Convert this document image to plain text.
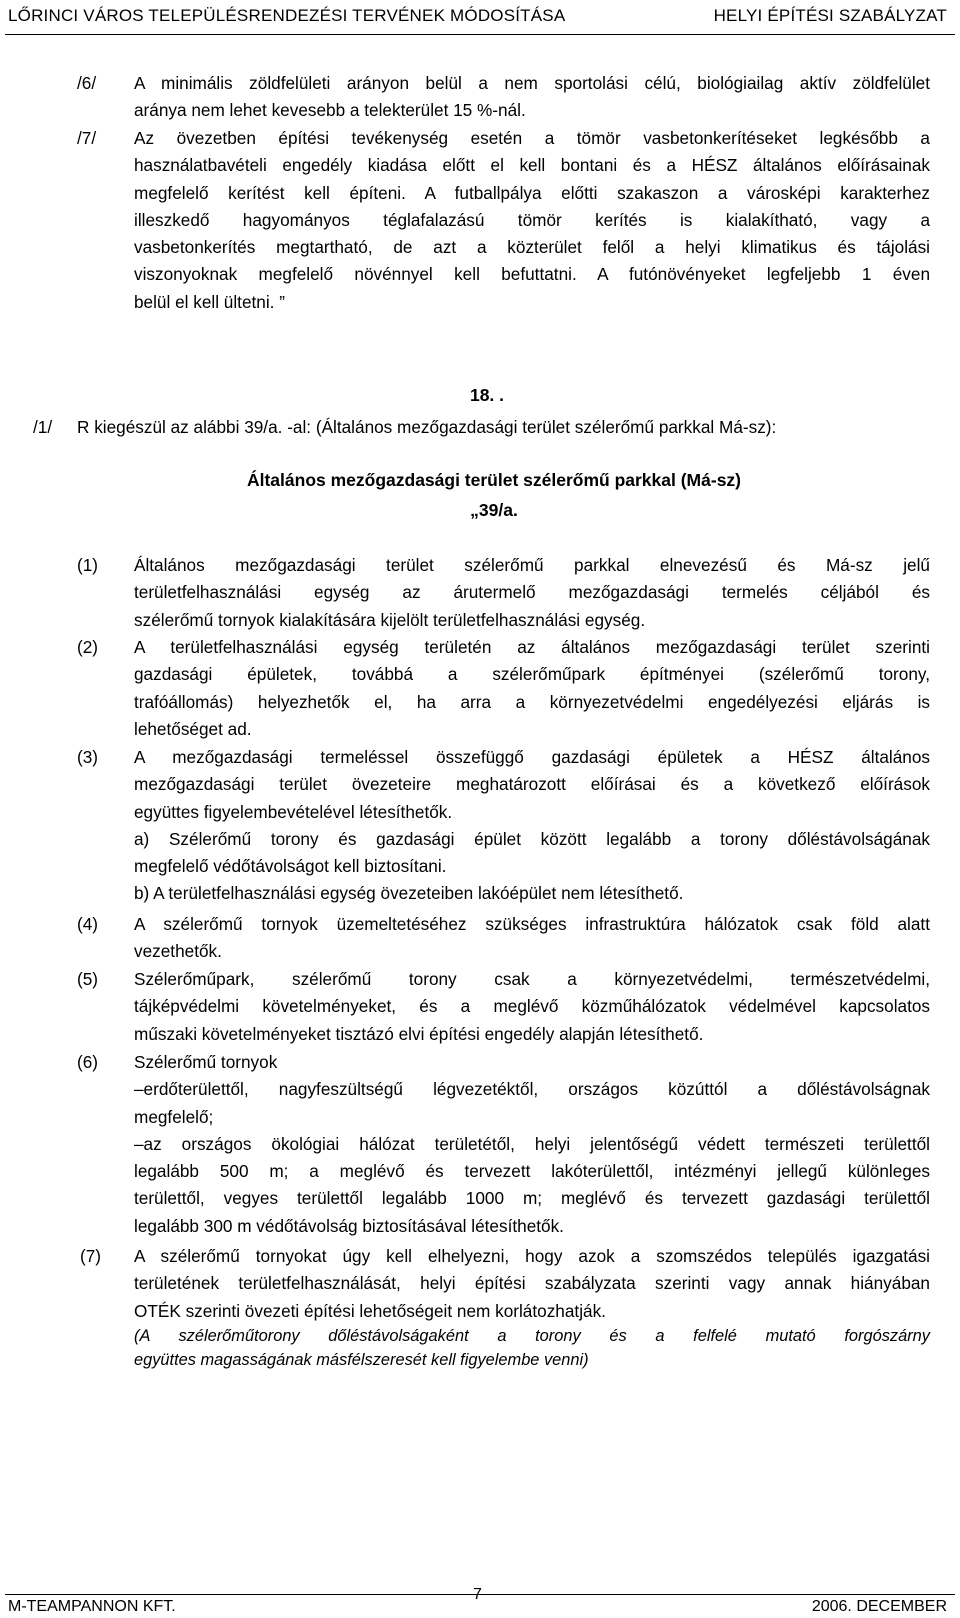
LŐRINCI VÁROS TELEPÜLÉSRENDEZÉSI TERVÉNEK MÓDOSÍTÁSA	HELYI ÉPÍTÉSI SZABÁLYZAT
/6/ A minimális zöldfelületi arányon belül a nem sportolási célú, biológiailag aktív zöldfelület
aránya nem lehet kevesebb a telekterület 15 %-nál.
/7/ Az övezetben építési tevékenység esetén a tömör vasbetonkerítéseket legkésőbb a
használatbavételi engedély kiadása előtt el kell bontani és a HÉSZ általános előírásainak
megfelelő kerítést kell építeni. A futballpálya előtti szakaszon a városképi karakterhez
illeszkedő hagyományos téglafalazású tömör kerítés is kialakítható, vagy a
vasbetonkerítés megtartható, de azt a közterület felől a helyi klimatikus és tájolási
viszonyoknak megfelelő növénnyel kell befuttatni. A futónövényeket legfeljebb 1 éven
belül el kell ültetni. ”
18. .
/1/ R kiegészül az alábbi 39/a. -al: (Általános mezőgazdasági terület szélerőmű parkkal Má-sz):
Általános mezőgazdasági terület szélerőmű parkkal (Má-sz)
„39/a.
(1) Általános mezőgazdasági terület szélerőmű parkkal elnevezésű és Má-sz jelű
területfelhasználási egység az árutermelő mezőgazdasági termelés céljából és
szélerőmű tornyok kialakítására kijelölt területfelhasználási egység.
(2) A területfelhasználási egység területén az általános mezőgazdasági terület szerinti
gazdasági épületek, továbbá a szélerőműpark építményei (szélerőmű torony,
trafóállomás) helyezhetők el, ha arra a környezetvédelmi engedélyezési eljárás is
lehetőséget ad.
(3) A mezőgazdasági termeléssel összefüggő gazdasági épületek a HÉSZ általános
mezőgazdasági terület övezeteire meghatározott előírásai és a következő előírások
együttes figyelembevételével létesíthetők.
a) Szélerőmű torony és gazdasági épület között legalább a torony dőléstávolságának
megfelelő védőtávolságot kell biztosítani.
b) A területfelhasználási egység övezeteiben lakóépület nem létesíthető.
(4) A szélerőmű tornyok üzemeltetéséhez szükséges infrastruktúra hálózatok csak föld alatt
vezethetők.
(5) Szélerőműpark, szélerőmű torony csak a környezetvédelmi, természetvédelmi,
tájképvédelmi követelményeket, és a meglévő közműhálózatok védelmével kapcsolatos
műszaki követelményeket tisztázó elvi építési engedély alapján létesíthető.
(6) Szélerőmű tornyok
–erdőterülettől, nagyfeszültségű légvezetéktől, országos közúttól a dőléstávolságnak
megfelelő;
–az országos ökológiai hálózat területétől, helyi jelentőségű védett természeti területtől
legalább 500 m; a meglévő és tervezett lakóterülettől, intézményi jellegű különleges
területtől, vegyes területtől legalább 1000 m; meglévő és tervezett gazdasági területtől
legalább 300 m védőtávolság biztosításával létesíthetők.
(7) A szélerőmű tornyokat úgy kell elhelyezni, hogy azok a szomszédos település igazgatási
területének területfelhasználását, helyi építési szabályzata szerinti vagy annak hiányában
OTÉK szerinti övezeti építési lehetőségeit nem korlátozhatják.
(A szélerőműtorony dőléstávolságaként a torony és a felfelé mutató forgószárny
együttes magasságának másfélszeresét kell figyelembe venni)
M-TEAMPANNON KFT.
7
2006. DECEMBER
